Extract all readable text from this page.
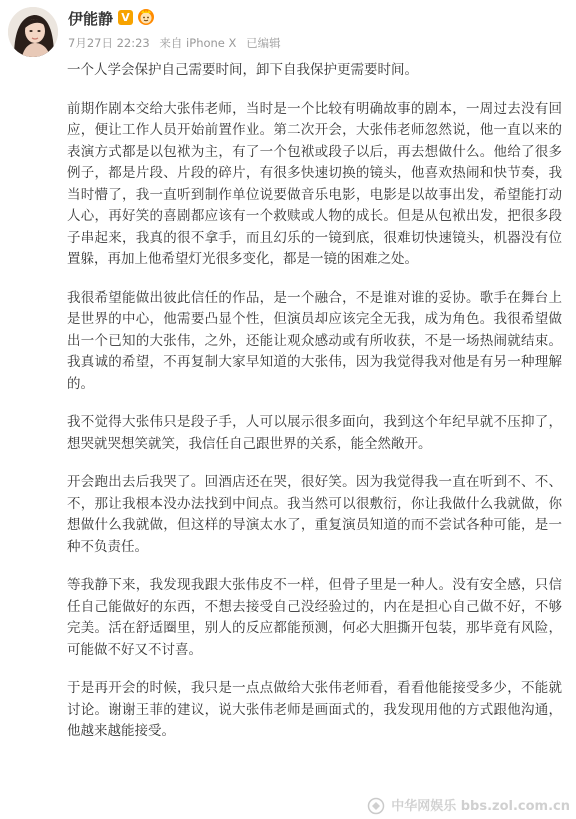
伊能静 V
7月27日 22:23 来自 iPhone X 已编辑

一个人学会保护自己需要时间，卸下自我保护更需要时间。

前期作剧本交给大张伟老师，当时是一个比较有明确故事的剧本，一周过去没有回应，便让工作人员开始前置作业。第二次开会，大张伟老师忽然说，他一直以来的表演方式都是以包袱为主，有了一个包袱或段子以后，再去想做什么。他给了很多例子，都是片段、片段的碎片，有很多快速切换的镜头，他喜欢热闹和快节奏，我当时懵了，我一直听到制作单位说要做音乐电影，电影是以故事出发，希望能打动人心，再好笑的喜剧都应该有一个救赎或人物的成长。但是从包袱出发，把很多段子串起来，我真的很不拿手，而且幻乐的一镜到底，很难切快速镜头，机器没有位置躲，再加上他希望灯光很多变化，都是一镜的困难之处。

我很希望能做出彼此信任的作品，是一个融合，不是谁对谁的妥协。歌手在舞台上是世界的中心，他需要凸显个性，但演员却应该完全无我，成为角色。我很希望做出一个已知的大张伟，之外，还能让观众感动或有所收获，不是一场热闹就结束。我真诚的希望，不再复制大家早知道的大张伟，因为我觉得我对他是有另一种理解的。

我不觉得大张伟只是段子手，人可以展示很多面向，我到这个年纪早就不压抑了，想哭就哭想笑就笑，我信任自己跟世界的关系，能全然敞开。

开会跑出去后我哭了。回酒店还在哭，很好笑。因为我觉得我一直在听到不、不、不，那让我根本没办法找到中间点。我当然可以很敷衍，你让我做什么我就做，你想做什么我就做，但这样的导演太水了，重复演员知道的而不尝试各种可能，是一种不负责任。

等我静下来，我发现我跟大张伟皮不一样，但骨子里是一种人。没有安全感，只信任自己能做好的东西，不想去接受自己没经验过的，内在是担心自己做不好，不够完美。活在舒适圈里，别人的反应都能预测，何必大胆撕开包装，那毕竟有风险，可能做不好又不讨喜。

于是再开会的时候，我只是一点点做给大张伟老师看，看看他能接受多少，不能就讨论。谢谢王菲的建议，说大张伟老师是画面式的，我发现用他的方式跟他沟通，他越来越能接受。

中华网娱乐 bbs.zol.com.cn
